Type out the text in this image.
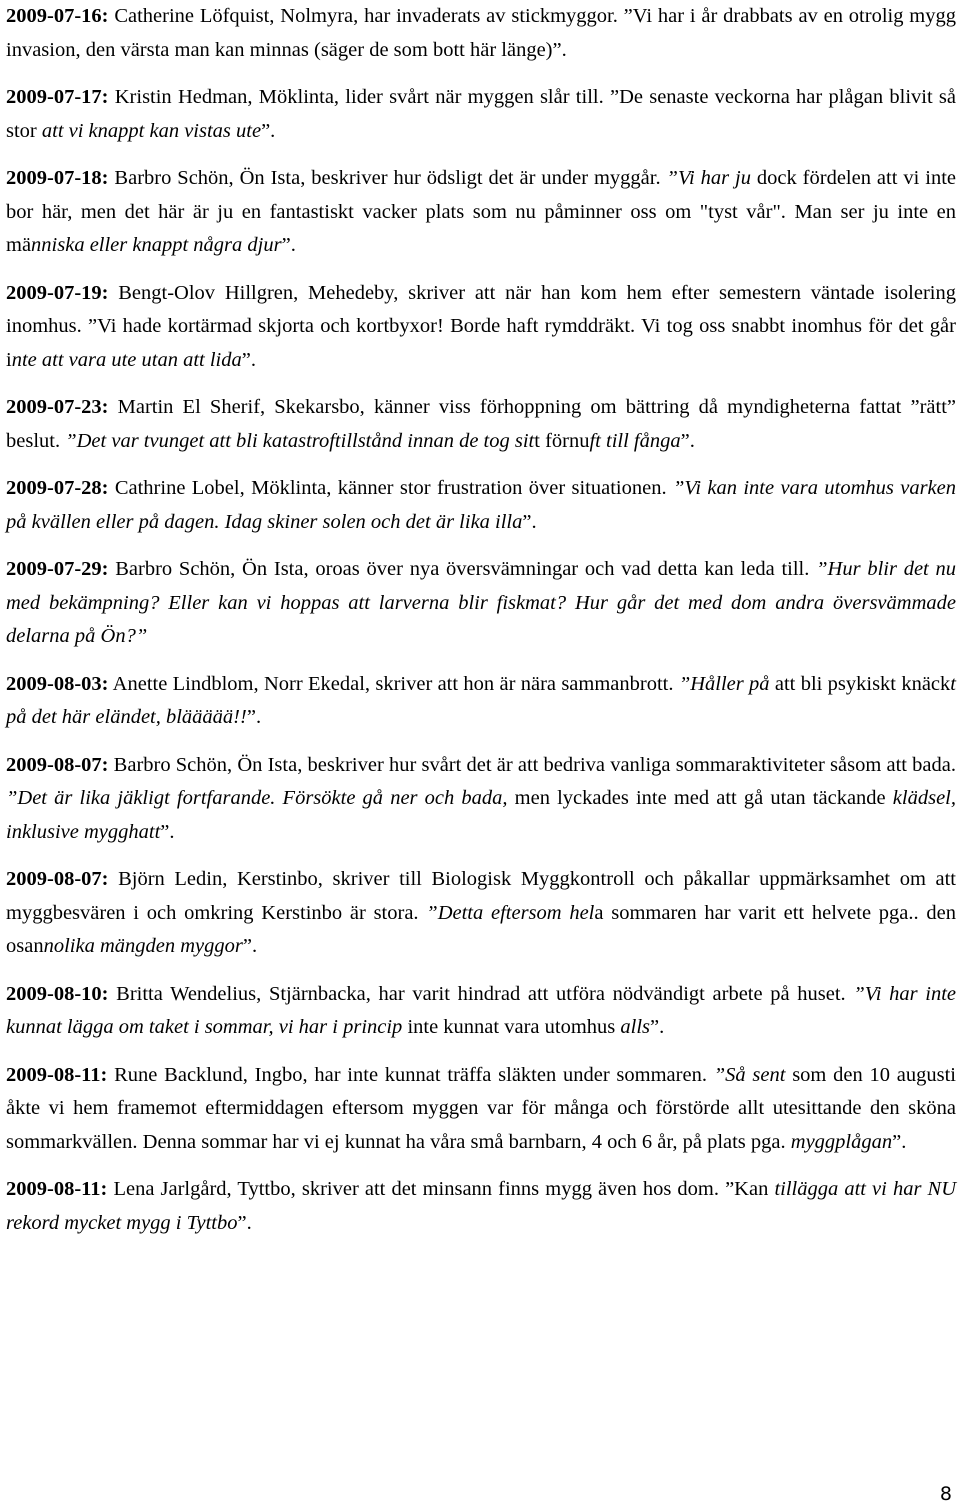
2009-07-16: Catherine Löfquist, Nolmyra, har invaderats av stickmyggor. ”Vi har i år drabbats av en otrolig mygg invasion, den värsta man kan minnas (säger de som bott här länge)”.

2009-07-17: Kristin Hedman, Möklinta, lider svårt när myggen slår till. ”De senaste veckorna har plågan blivit så stor att vi knappt kan vistas ute”.

2009-07-18: Barbro Schön, Ön Ista, beskriver hur ödsligt det är under myggår. ”Vi har ju dock fördelen att vi inte bor här, men det här är ju en fantastiskt vacker plats som nu påminner oss om "tyst vår". Man ser ju inte en människa eller knappt några djur”.

2009-07-19: Bengt-Olov Hillgren, Mehedeby, skriver att när han kom hem efter semestern väntade isolering inomhus. ”Vi hade kortärmad skjorta och kortbyxor! Borde haft rymddräkt. Vi tog oss snabbt inomhus för det går inte att vara ute utan att lida”.

2009-07-23: Martin El Sherif, Skekarsbo, känner viss förhoppning om bättring då myndigheterna fattat ”rätt” beslut. ”Det var tvunget att bli katastroftillstånd innan de tog sitt förnuft till fånga”.

2009-07-28: Cathrine Lobel, Möklinta, känner stor frustration över situationen. ”Vi kan inte vara utomhus varken på kvällen eller på dagen. Idag skiner solen och det är lika illa”.

2009-07-29: Barbro Schön, Ön Ista, oroas över nya översvämningar och vad detta kan leda till. ”Hur blir det nu med bekämpning? Eller kan vi hoppas att larverna blir fiskmat? Hur går det med dom andra översvämmade delarna på Ön?”

2009-08-03: Anette Lindblom, Norr Ekedal, skriver att hon är nära sammanbrott. ”Håller på att bli psykiskt knäckt på det här eländet, bläääää!!”.

2009-08-07: Barbro Schön, Ön Ista, beskriver hur svårt det är att bedriva vanliga sommaraktiviteter såsom att bada. ”Det är lika jäkligt fortfarande. Försökte gå ner och bada, men lyckades inte med att gå utan täckande klädsel, inklusive mygghatt”.

2009-08-07: Björn Ledin, Kerstinbo, skriver till Biologisk Myggkontroll och påkallar uppmärksamhet om att myggbesvären i och omkring Kerstinbo är stora. ”Detta eftersom hela sommaren har varit ett helvete pga.. den osannolika mängden myggor”.

2009-08-10: Britta Wendelius, Stjärnbacka, har varit hindrad att utföra nödvändigt arbete på huset. ”Vi har inte kunnat lägga om taket i sommar, vi har i princip inte kunnat vara utomhus alls”.

2009-08-11: Rune Backlund, Ingbo, har inte kunnat träffa släkten under sommaren. ”Så sent som den 10 augusti åkte vi hem framemot eftermiddagen eftersom myggen var för många och förstörde allt utesittande den sköna sommarkvällen. Denna sommar har vi ej kunnat ha våra små barnbarn, 4 och 6 år, på plats pga. myggplågan”.

2009-08-11: Lena Jarlgård, Tyttbo, skriver att det minsann finns mygg även hos dom. ”Kan tillägga att vi har NU rekord mycket mygg i Tyttbo”.

8
